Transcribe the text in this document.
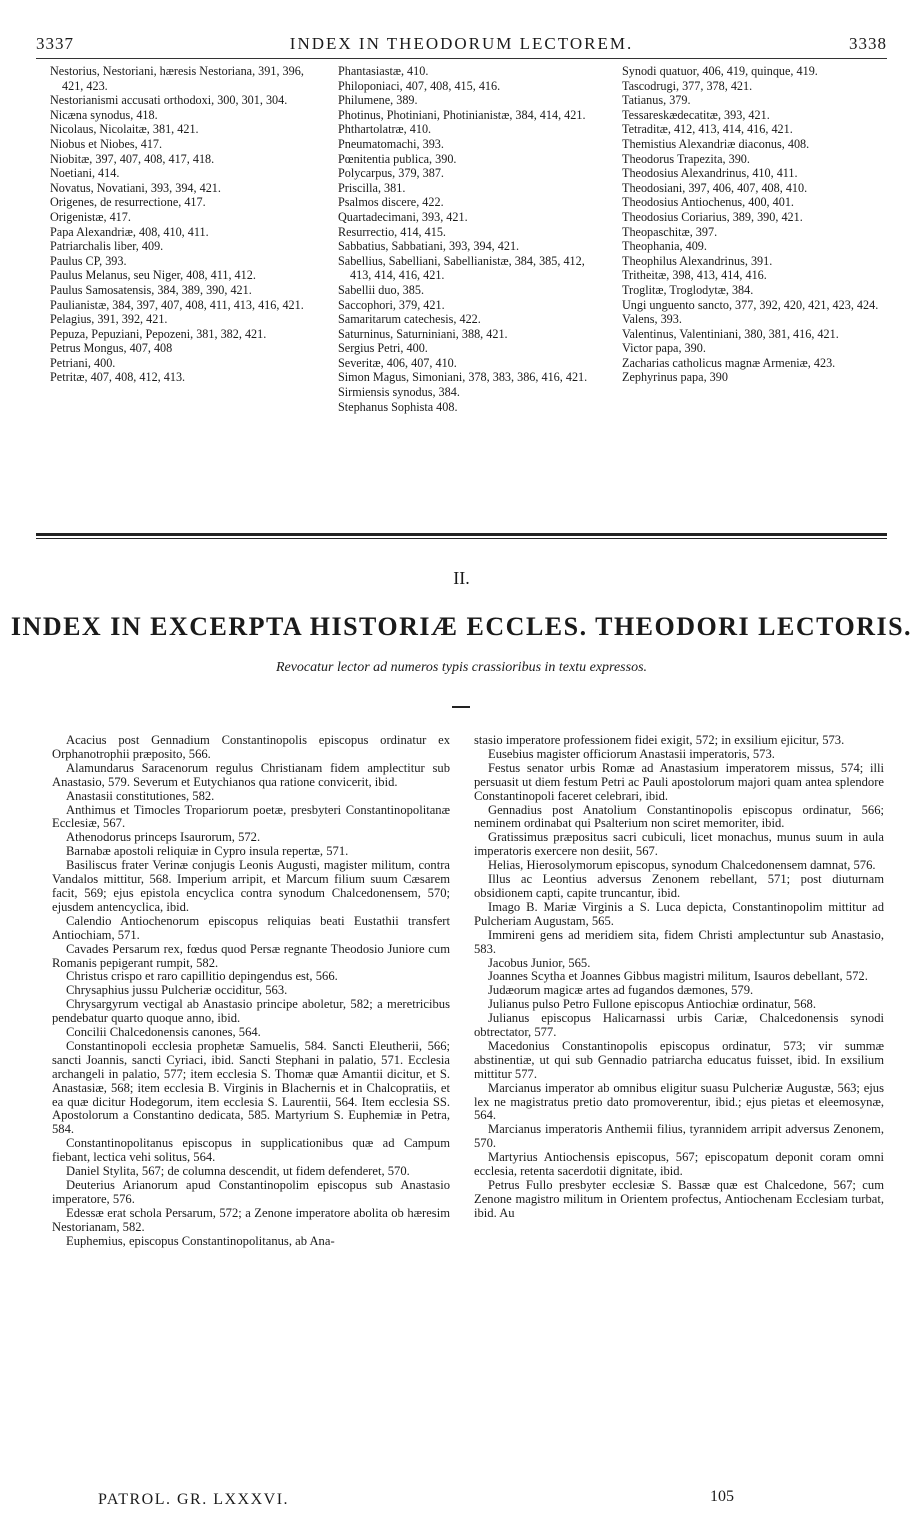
3337	INDEX IN THEODORUM LECTOREM.	3338
Nestorius, Nestoriani, hæresis Nestoriana, 391, 396, 421, 423.
Nestorianismi accusati orthodoxi, 300, 301, 304.
Nicæna synodus, 418.
Nicolaus, Nicolaitæ, 381, 421.
Niobus et Niobes, 417.
Niobitæ, 397, 407, 408, 417, 418.
Noetiani, 414.
Novatus, Novatiani, 393, 394, 421.
Origenes, de resurrectione, 417.
Origenistæ, 417.
Papa Alexandriæ, 408, 410, 411.
Patriarchalis liber, 409.
Paulus CP, 393.
Paulus Melanus, seu Niger, 408, 411, 412.
Paulus Samosatensis, 384, 389, 390, 421.
Paulianistæ, 384, 397, 407, 408, 411, 413, 416, 421.
Pelagius, 391, 392, 421.
Pepuza, Pepuziani, Pepozeni, 381, 382, 421.
Petrus Mongus, 407, 408
Petriani, 400.
Petritæ, 407, 408, 412, 413.
Phantasiastæ, 410.
Philoponiaci, 407, 408, 415, 416.
Philumene, 389.
Photinus, Photiniani, Photinianistæ, 384, 414, 421.
Phthartolatræ, 410.
Pneumatomachi, 393.
Pœnitentia publica, 390.
Polycarpus, 379, 387.
Priscilla, 381.
Psalmos discere, 422.
Quartadecimani, 393, 421.
Resurrectio, 414, 415.
Sabbatius, Sabbatiani, 393, 394, 421.
Sabellius, Sabelliani, Sabellianistæ, 384, 385, 412, 413, 414, 416, 421.
Sabellii duo, 385.
Saccophori, 379, 421.
Samaritarum catechesis, 422.
Saturninus, Saturniniani, 388, 421.
Sergius Petri, 400.
Severitæ, 406, 407, 410.
Simon Magus, Simoniani, 378, 383, 386, 416, 421.
Sirmiensis synodus, 384.
Stephanus Sophista 408.
Synodi quatuor, 406, 419, quinque, 419.
Tascodrugi, 377, 378, 421.
Tatianus, 379.
Tessareskædecatitæ, 393, 421.
Tetraditæ, 412, 413, 414, 416, 421.
Themistius Alexandriæ diaconus, 408.
Theodorus Trapezita, 390.
Theodosius Alexandrinus, 410, 411.
Theodosiani, 397, 406, 407, 408, 410.
Theodosius Antiochenus, 400, 401.
Theodosius Coriarius, 389, 390, 421.
Theopaschitæ, 397.
Theophania, 409.
Theophilus Alexandrinus, 391.
Tritheitæ, 398, 413, 414, 416.
Troglitæ, Troglodytæ, 384.
Ungi unguento sancto, 377, 392, 420, 421, 423, 424.
Valens, 393.
Valentinus, Valentiniani, 380, 381, 416, 421.
Victor papa, 390.
Zacharias catholicus magnæ Armeniæ, 423.
Zephyrinus papa, 390
II.
INDEX IN EXCERPTA HISTORIÆ ECCLES. THEODORI LECTORIS.
Revocatur lector ad numeros typis crassioribus in textu expressos.

Acacius post Gennadium Constantinopolis episcopus ordinatur ex Orphanotrophii præposito, 566.

Alamundarus Saracenorum regulus Christianam fidem amplectitur sub Anastasio, 579. Severum et Eutychianos qua ratione convicerit, ibid.

Anastasii constitutiones, 582.

Anthimus et Timocles Tropariorum poetæ, presbyteri Constantinopolitanæ Ecclesiæ, 567.

Athenodorus princeps Isaurorum, 572.

Barnabæ apostoli reliquiæ in Cypro insula repertæ, 571.

Basiliscus frater Verinæ conjugis Leonis Augusti, magister militum, contra Vandalos mittitur, 568. Imperium arripit, et Marcum filium suum Cæsarem facit, 569; ejus epistola encyclica contra synodum Chalcedonensem, 570; ejusdem antencyclica, ibid.

Calendio Antiochenorum episcopus reliquias beati Eustathii transfert Antiochiam, 571.

Cavades Persarum rex, fœdus quod Persæ regnante Theodosio Juniore cum Romanis pepigerant rumpit, 582.

Christus crispo et raro capillitio depingendus est, 566.

Chrysaphius jussu Pulcheriæ occiditur, 563.

Chrysargyrum vectigal ab Anastasio principe aboletur, 582; a meretricibus pendebatur quarto quoque anno, ibid.

Concilii Chalcedonensis canones, 564.

Constantinopoli ecclesia prophetæ Samuelis, 584. Sancti Eleutherii, 566; sancti Joannis, sancti Cyriaci, ibid. Sancti Stephani in palatio, 571. Ecclesia archangeli in palatio, 577; item ecclesia S. Thomæ quæ Amantii dicitur, et S. Anastasiæ, 568; item ecclesia B. Virginis in Blachernis et in Chalcopratiis, et ea quæ dicitur Hodegorum, item ecclesia S. Laurentii, 564. Item ecclesia SS. Apostolorum a Constantino dedicata, 585. Martyrium S. Euphemiæ in Petra, 584.

Constantinopolitanus episcopus in supplicationibus quæ ad Campum fiebant, lectica vehi solitus, 564.

Daniel Stylita, 567; de columna descendit, ut fidem defenderet, 570.

Deuterius Arianorum apud Constantinopolim episcopus sub Anastasio imperatore, 576.

Edessæ erat schola Persarum, 572; a Zenone imperatore abolita ob hæresim Nestorianam, 582.

Euphemius, episcopus Constantinopolitanus, ab Ana-

stasio imperatore professionem fidei exigit, 572; in exsilium ejicitur, 573.

Eusebius magister officiorum Anastasii imperatoris, 573.

Festus senator urbis Romæ ad Anastasium imperatorem missus, 574; illi persuasit ut diem festum Petri ac Pauli apostolorum majori quam antea splendore Constantinopoli faceret celebrari, ibid.

Gennadius post Anatolium Constantinopolis episcopus ordinatur, 566; neminem ordinabat qui Psalterium non sciret memoriter, ibid.

Gratissimus præpositus sacri cubiculi, licet monachus, munus suum in aula imperatoris exercere non desiit, 567.

Helias, Hierosolymorum episcopus, synodum Chalcedonensem damnat, 576.

Illus ac Leontius adversus Zenonem rebellant, 571; post diuturnam obsidionem capti, capite truncantur, ibid.

Imago B. Mariæ Virginis a S. Luca depicta, Constantinopolim mittitur ad Pulcheriam Augustam, 565.

Immireni gens ad meridiem sita, fidem Christi amplectuntur sub Anastasio, 583.

Jacobus Junior, 565.

Joannes Scytha et Joannes Gibbus magistri militum, Isauros debellant, 572.

Judæorum magicæ artes ad fugandos dæmones, 579.

Julianus pulso Petro Fullone episcopus Antiochiæ ordinatur, 568.

Julianus episcopus Halicarnassi urbis Cariæ, Chalcedonensis synodi obtrectator, 577.

Macedonius Constantinopolis episcopus ordinatur, 573; vir summæ abstinentiæ, ut qui sub Gennadio patriarcha educatus fuisset, ibid. In exsilium mittitur 577.

Marcianus imperator ab omnibus eligitur suasu Pulcheriæ Augustæ, 563; ejus lex ne magistratus pretio dato promoverentur, ibid.; ejus pietas et eleemosynæ, 564.

Marcianus imperatoris Anthemii filius, tyrannidem arripit adversus Zenonem, 570.

Martyrius Antiochensis episcopus, 567; episcopatum deponit coram omni ecclesia, retenta sacerdotii dignitate, ibid.

Petrus Fullo presbyter ecclesiæ S. Bassæ quæ est Chalcedone, 567; cum Zenone magistro militum in Orientem profectus, Antiochenam Ecclesiam turbat, ibid. Au

PATROL. GR. LXXXVI.	105
